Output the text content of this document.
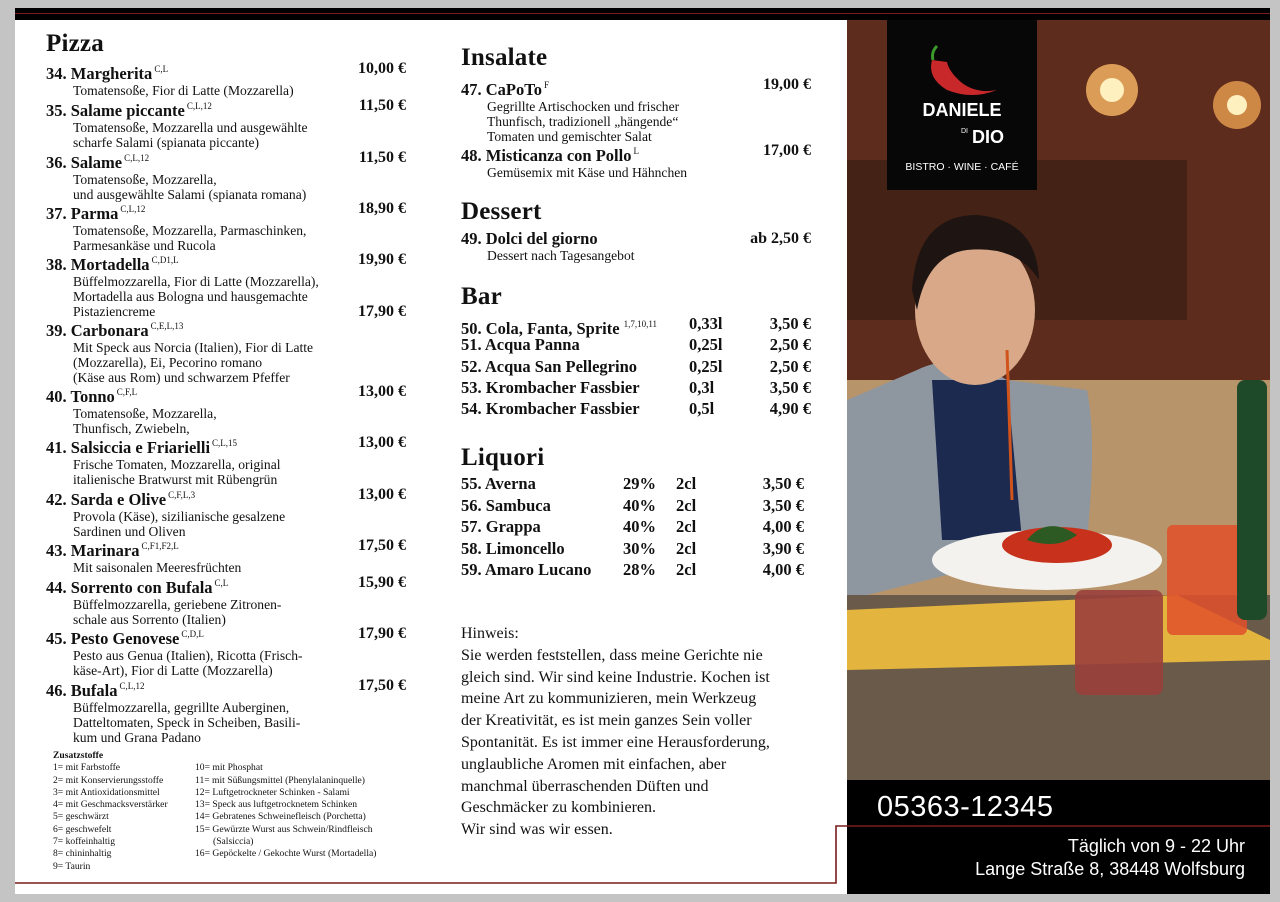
Pizza
34. Margherita $^{C,L}$
Tomatensoße, Fior di Latte (Mozzarella)
10,00 €
35. Salame piccante $^{C,L,12}$
Tomatensoße, Mozzarella und ausgewählte
scharfe Salami (spianata piccante)
11,50 €
36. Salame $^{C,L,12}$
Tomatensoße, Mozzarella,
und ausgewählte Salami (spianata romana)
11,50 €
37. Parma $^{C,L,12}$
Tomatensoße, Mozzarella, Parmaschinken,
Parmesankäse und Rucola
18,90 €
38. Mortadella $^{C,D1,L}$
Büffelmozzarella, Fior di Latte (Mozzarella),
Mortadella aus Bologna und hausgemachte
Pistaziencreme
19,90 €
39. Carbonara $^{C,E,L,13}$
Mit Speck aus Norcia (Italien), Fior di Latte
(Mozzarella), Ei, Pecorino romano
(Käse aus Rom) und schwarzem Pfeffer
17,90 €
40. Tonno $^{C,F,L}$
Tomatensoße, Mozzarella,
Thunfisch, Zwiebeln,
13,00 €
41. Salsiccia e Friarielli $^{C,L,15}$
Frische Tomaten, Mozzarella, original
italienische Bratwurst mit Rübengrün
13,00 €
42. Sarda e Olive $^{C,F,L,3}$
Provola (Käse), sizilianische gesalzene
Sardinen und Oliven
13,00 €
43. Marinara $^{C,F1,F2,L}$
Mit saisonalen Meeresfrüchten
17,50 €
44. Sorrento con Bufala $^{C,L}$
Büffelmozzarella, geriebene Zitronen-
schale aus Sorrento (Italien)
15,90 €
45. Pesto Genovese $^{C,D,L}$
Pesto aus Genua (Italien), Ricotta (Frisch-
käse-Art), Fior di Latte (Mozzarella)
17,90 €
46. Bufala $^{C,L,12}$
Büffelmozzarella, gegrillte Auberginen,
Datteltomaten, Speck in Scheiben, Basili-
kum und Grana Padano
17,50 €
Zusatzstoffe
1= mit Farbstoffe
2= mit Konservierungsstoffe
3= mit Antioxidationsmittel
4= mit Geschmacksverstärker
5= geschwärzt
6= geschwefelt
7= koffeinhaltig
8= chininhaltig
9= Taurin
10= mit Phosphat
11= mit Süßungsmittel (Phenylalaninquelle)
12= Luftgetrockneter Schinken - Salami
13= Speck aus luftgetrocknetem Schinken
14= Gebratenes Schweinefleisch (Porchetta)
15= Gewürzte Wurst aus Schwein/Rindfleisch
(Salsiccia)
16= Gepöckelte / Gekochte Wurst (Mortadella)
Insalate
Dessert
Bar
Liquori
47. CaPoTo $^F$
Gegrillte Artischocken und frischer
Thunfisch, tradizionell „hängende“
Tomaten und gemischter Salat
19,00 €
48. Misticanza con Pollo $^L$
Gemüsemix mit Käse und Hähnchen
17,00 €
49. Dolci del giorno
Dessert nach Tagesangebot
ab 2,50 €
50. Cola, Fanta, Sprite $^{1,7,10,11}$ 0,33l	3,50 €
51. Acqua Panna	0,25l	2,50 €
52. Acqua San Pellegrino	0,25l	2,50 €
53. Krombacher Fassbier	0,3l	3,50 €
54. Krombacher Fassbier	0,5l	4,90 €
55. Averna	29% 2cl	3,50 €
56. Sambuca	40% 2cl	3,50 €
57. Grappa	40% 2cl	4,00 €
58. Limoncello	30% 2cl	3,90 €
59. Amaro Lucano 28% 2cl	4,00 €
Hinweis:
Sie werden feststellen, dass meine Gerichte nie
gleich sind. Wir sind keine Industrie. Kochen ist
meine Art zu kommunizieren, mein Werkzeug
der Kreativität, es ist mein ganzes Sein voller
Spontanität. Es ist immer eine Herausforderung,
unglaubliche Aromen mit einfachen, aber
manchmal überraschenden Düften und
Geschmäcker zu kombinieren.
Wir sind was wir essen.
DANIELE
DI DIO
BISTRO · WINE · CAFÉ
05363-12345
Täglich von 9 - 22 Uhr
Lange Straße 8, 38448 Wolfsburg
